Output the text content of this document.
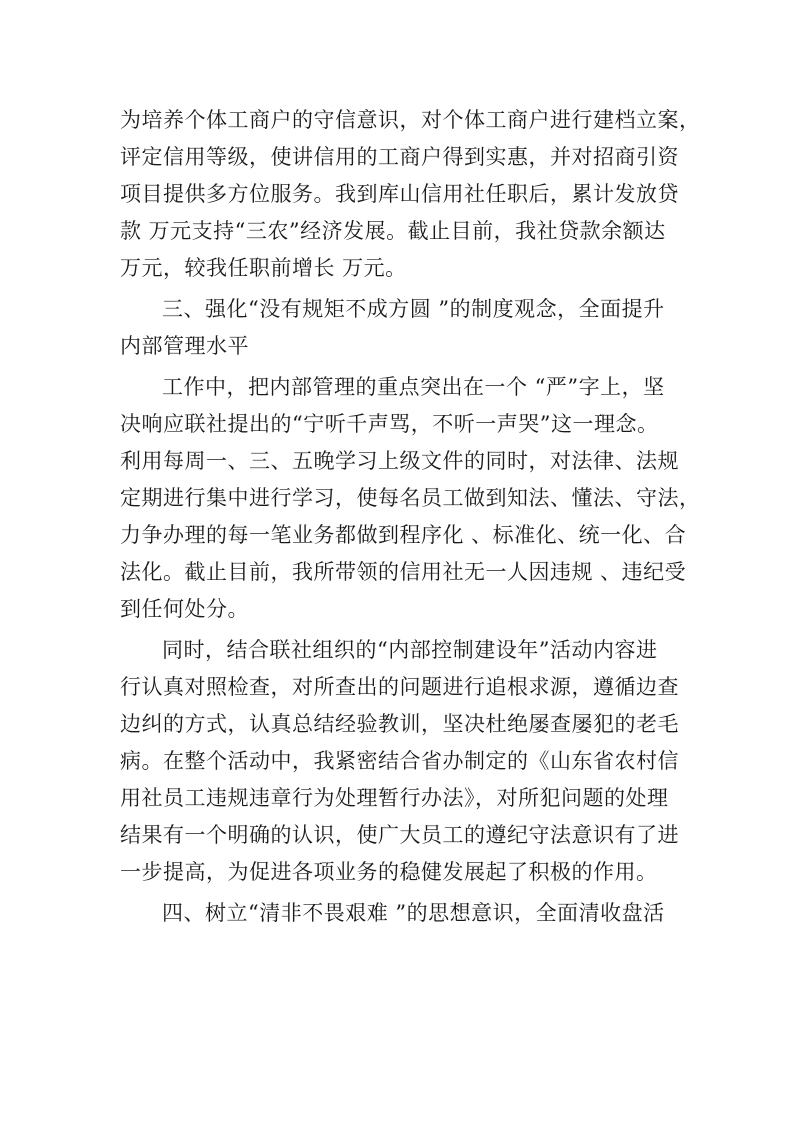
为培养个体工商户的守信意识，对个体工商户进行建档立案，
评定信用等级，使讲信用的工商户得到实惠，并对招商引资
项目提供多方位服务。我到库山信用社任职后，累计发放贷
款 万元支持“三农”经济发展。截止目前，我社贷款余额达
万元，较我任职前增长 万元。
三、强化“没有规矩不成方圆 ”的制度观念，全面提升
内部管理水平
工作中，把内部管理的重点突出在一个 “严”字上，坚
决响应联社提出的“宁听千声骂，不听一声哭”这一理念。
利用每周一、三、五晚学习上级文件的同时，对法律、法规
定期进行集中进行学习，使每名员工做到知法、懂法、守法，
力争办理的每一笔业务都做到程序化 、标准化、统一化、合
法化。截止目前，我所带领的信用社无一人因违规 、违纪受
到任何处分。
同时，结合联社组织的“内部控制建设年”活动内容进
行认真对照检查，对所查出的问题进行追根求源，遵循边查
边纠的方式，认真总结经验教训，坚决杜绝屡查屡犯的老毛
病。在整个活动中，我紧密结合省办制定的《山东省农村信
用社员工违规违章行为处理暂行办法》，对所犯问题的处理
结果有一个明确的认识，使广大员工的遵纪守法意识有了进
一步提高，为促进各项业务的稳健发展起了积极的作用。
四、树立“清非不畏艰难 ”的思想意识，全面清收盘活
